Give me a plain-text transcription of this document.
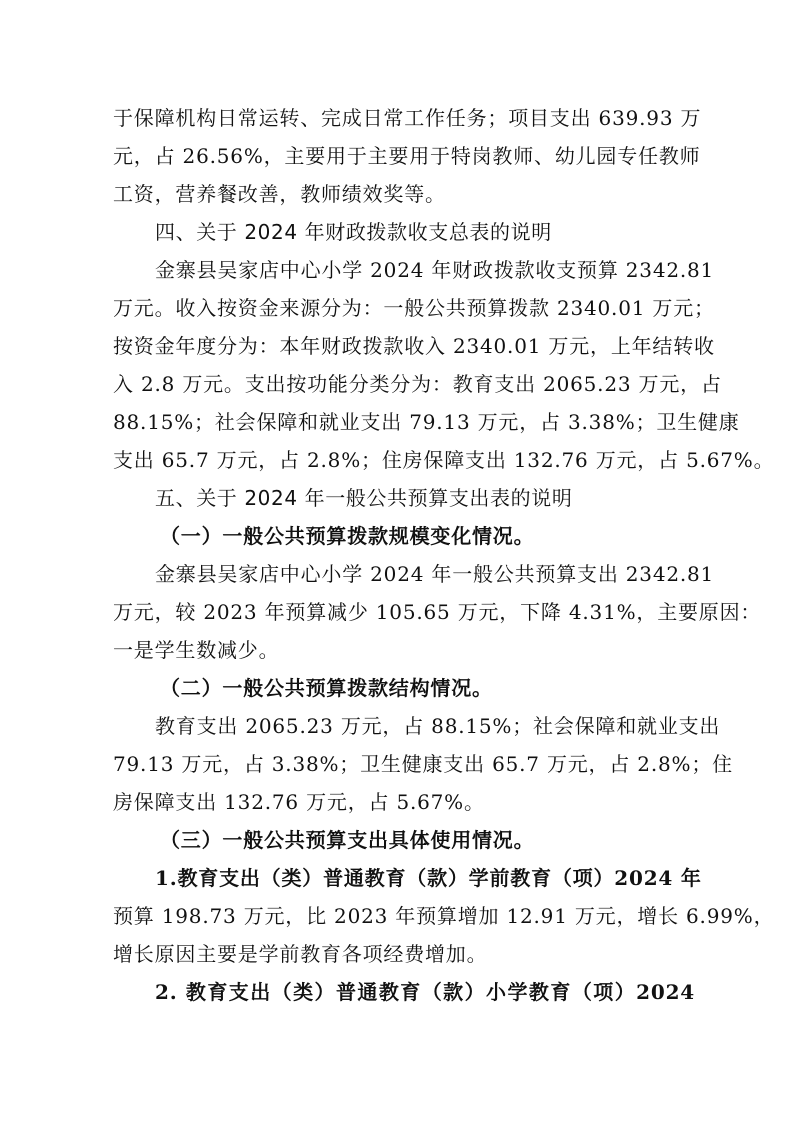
于保障机构日常运转、完成日常工作任务；项目支出 639.93 万
元，占 26.56%，主要用于主要用于特岗教师、幼儿园专任教师
工资，营养餐改善，教师绩效奖等。
四、关于 2024 年财政拨款收支总表的说明
金寨县吴家店中心小学 2024 年财政拨款收支预算 2342.81
万元。收入按资金来源分为：一般公共预算拨款 2340.01 万元；
按资金年度分为：本年财政拨款收入 2340.01 万元，上年结转收
入 2.8 万元。支出按功能分类分为：教育支出 2065.23 万元，占
88.15%；社会保障和就业支出 79.13 万元，占 3.38%；卫生健康
支出 65.7 万元，占 2.8%；住房保障支出 132.76 万元，占 5.67%。
五、关于 2024 年一般公共预算支出表的说明
（一）一般公共预算拨款规模变化情况。
金寨县吴家店中心小学 2024 年一般公共预算支出 2342.81
万元，较 2023 年预算减少 105.65 万元，下降 4.31%，主要原因：
一是学生数减少。
（二）一般公共预算拨款结构情况。
教育支出 2065.23 万元，占 88.15%；社会保障和就业支出
79.13 万元，占 3.38%；卫生健康支出 65.7 万元，占 2.8%；住
房保障支出 132.76 万元，占 5.67%。
（三）一般公共预算支出具体使用情况。
1.教育支出（类）普通教育（款）学前教育（项）2024 年
预算 198.73 万元，比 2023 年预算增加 12.91 万元，增长 6.99%，
增长原因主要是学前教育各项经费增加。
2. 教育支出（类）普通教育（款）小学教育（项）2024
